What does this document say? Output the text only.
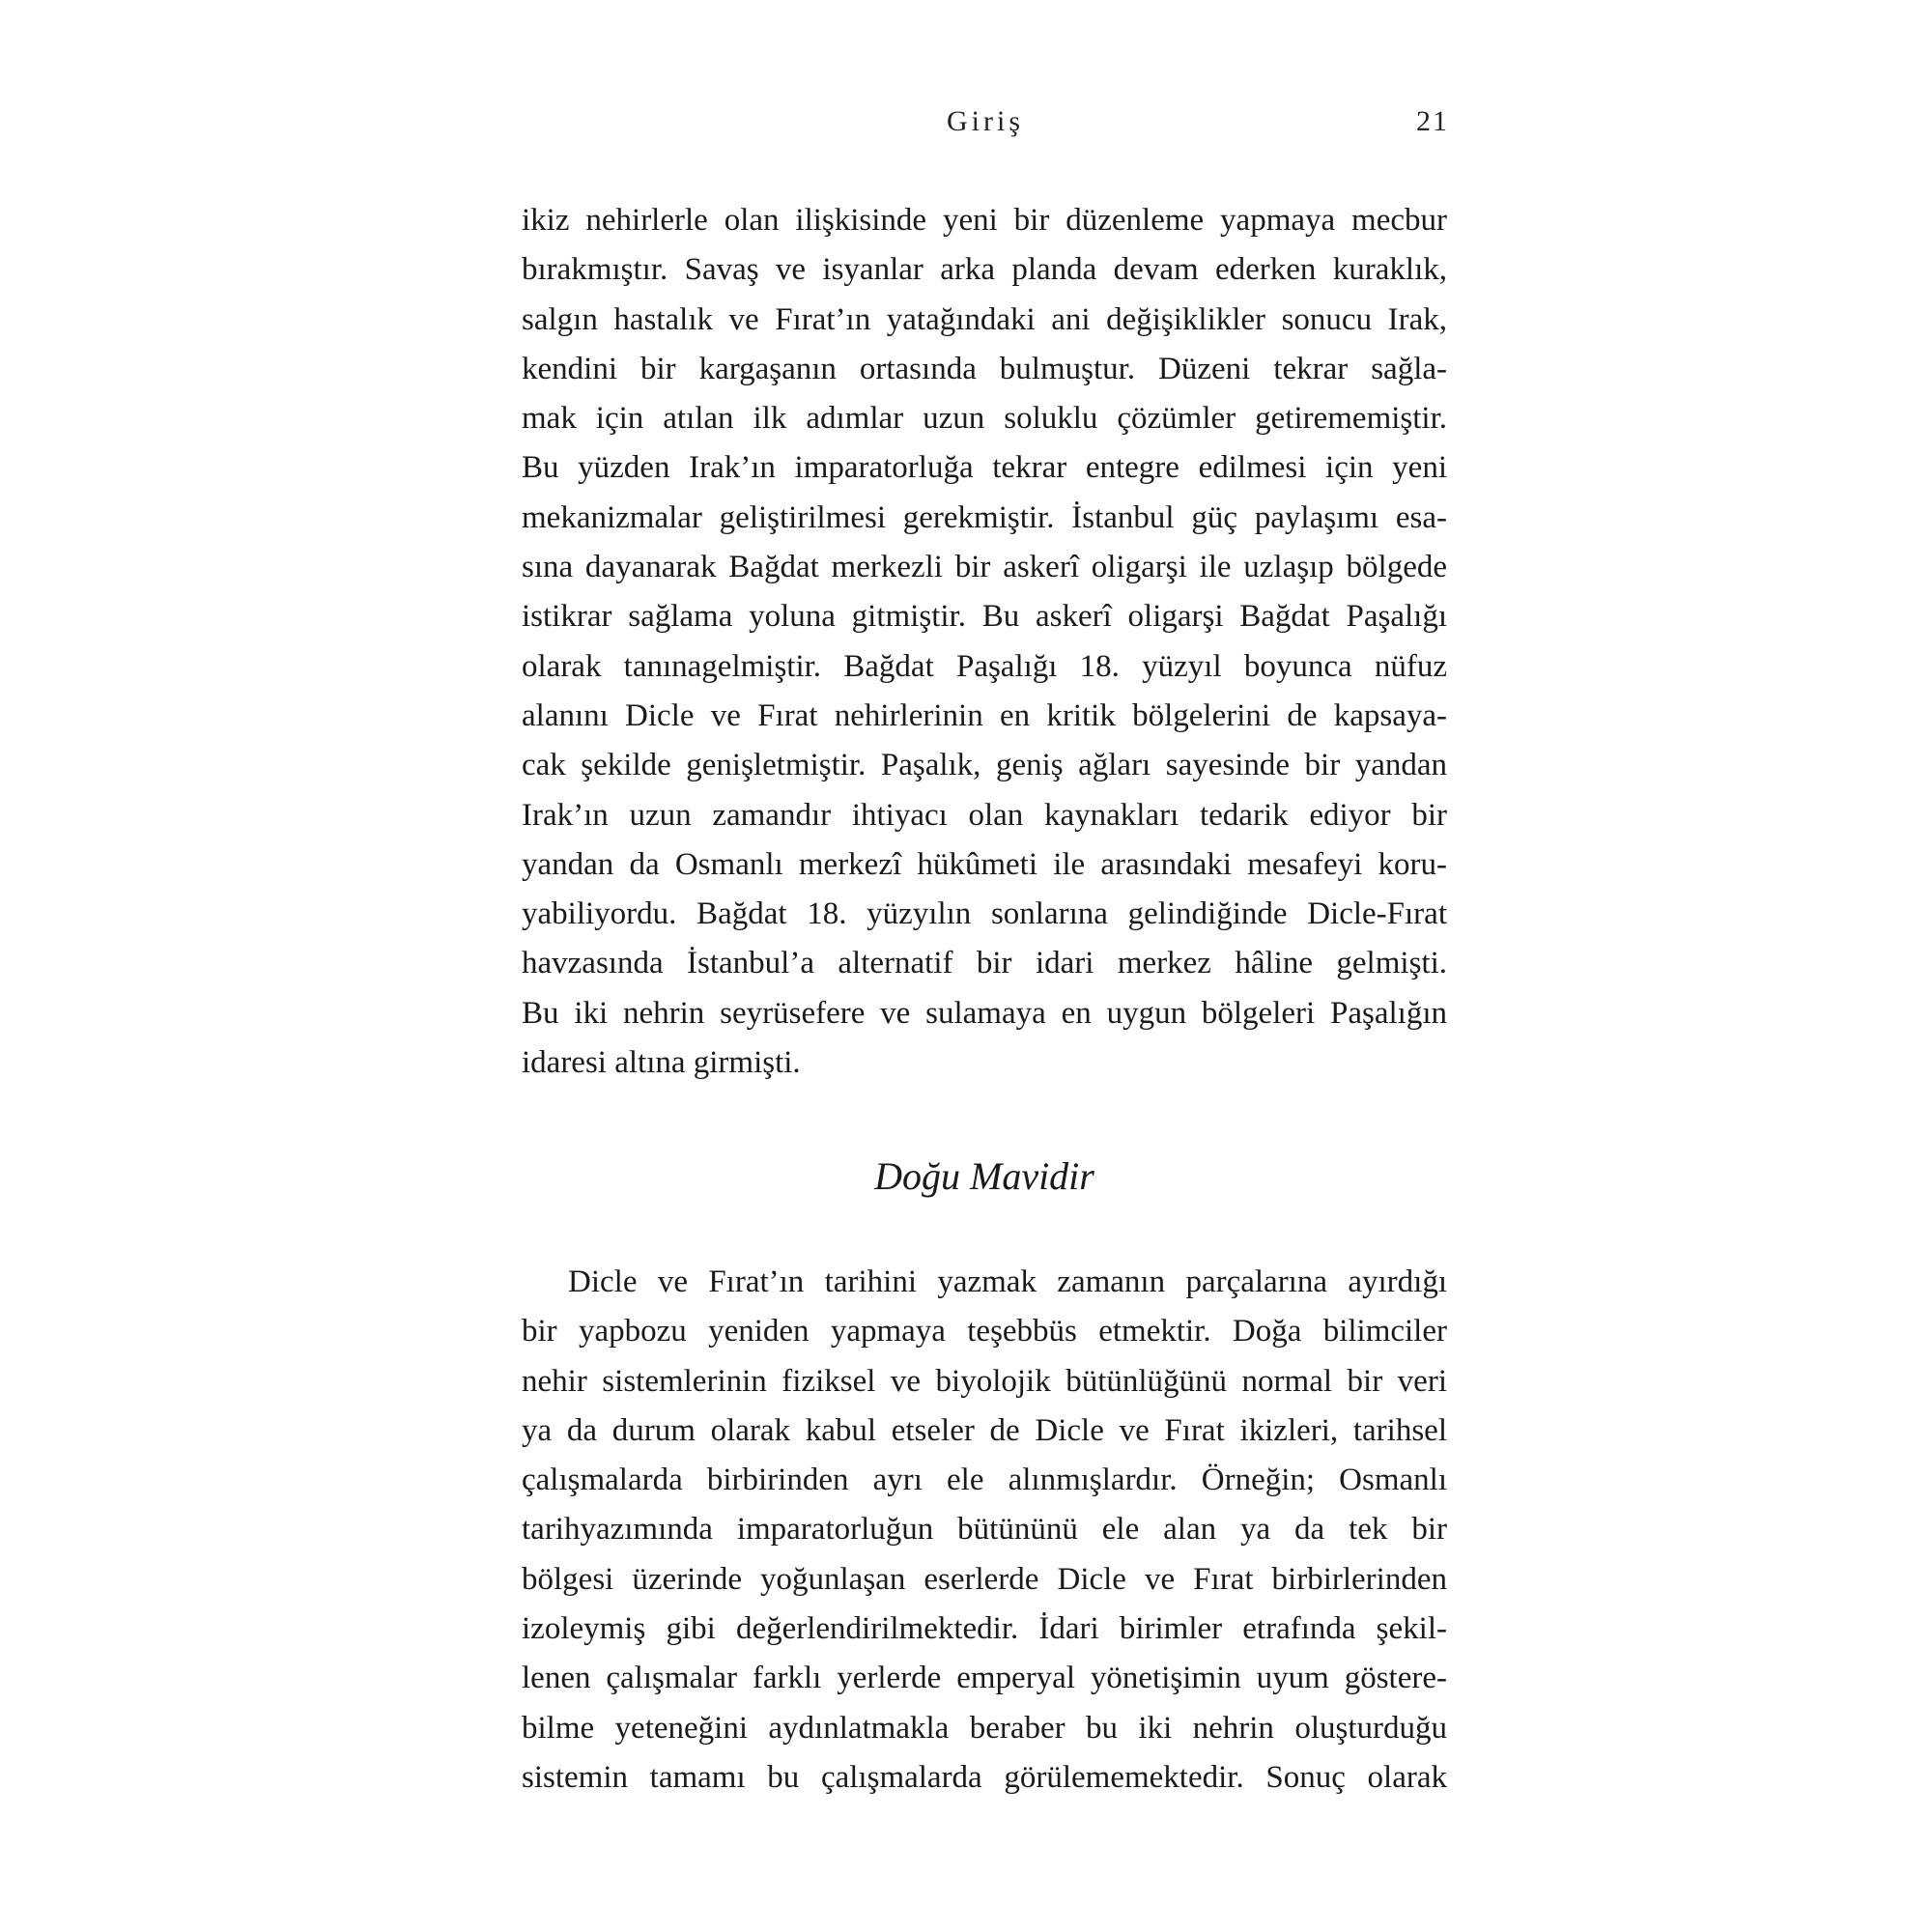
Giriş	21
ikiz nehirlerle olan ilişkisinde yeni bir düzenleme yapmaya mecbur
bırakmıştır. Savaş ve isyanlar arka planda devam ederken kuraklık,
salgın hastalık ve Fırat’ın yatağındaki ani değişiklikler sonucu Irak,
kendini bir kargaşanın ortasında bulmuştur. Düzeni tekrar sağla-
mak için atılan ilk adımlar uzun soluklu çözümler getirememiştir.
Bu yüzden Irak’ın imparatorluğa tekrar entegre edilmesi için yeni
mekanizmalar geliştirilmesi gerekmiştir. İstanbul güç paylaşımı esa-
sına dayanarak Bağdat merkezli bir askerî oligarşi ile uzlaşıp bölgede
istikrar sağlama yoluna gitmiştir. Bu askerî oligarşi Bağdat Paşalığı
olarak tanınagelmiştir. Bağdat Paşalığı 18. yüzyıl boyunca nüfuz
alanını Dicle ve Fırat nehirlerinin en kritik bölgelerini de kapsaya-
cak şekilde genişletmiştir. Paşalık, geniş ağları sayesinde bir yandan
Irak’ın uzun zamandır ihtiyacı olan kaynakları tedarik ediyor bir
yandan da Osmanlı merkezî hükûmeti ile arasındaki mesafeyi koru-
yabiliyordu. Bağdat 18. yüzyılın sonlarına gelindiğinde Dicle-Fırat
havzasında İstanbul’a alternatif bir idari merkez hâline gelmişti.
Bu iki nehrin seyrüsefere ve sulamaya en uygun bölgeleri Paşalığın
idaresi altına girmişti.
Doğu Mavidir
Dicle ve Fırat’ın tarihini yazmak zamanın parçalarına ayırdığı
bir yapbozu yeniden yapmaya teşebbüs etmektir. Doğa bilimciler
nehir sistemlerinin fiziksel ve biyolojik bütünlüğünü normal bir veri
ya da durum olarak kabul etseler de Dicle ve Fırat ikizleri, tarihsel
çalışmalarda birbirinden ayrı ele alınmışlardır. Örneğin; Osmanlı
tarihyazımında imparatorluğun bütününü ele alan ya da tek bir
bölgesi üzerinde yoğunlaşan eserlerde Dicle ve Fırat birbirlerinden
izoleymiş gibi değerlendirilmektedir. İdari birimler etrafında şekil-
lenen çalışmalar farklı yerlerde emperyal yönetişimin uyum göstere-
bilme yeteneğini aydınlatmakla beraber bu iki nehrin oluşturduğu
sistemin tamamı bu çalışmalarda görülememektedir. Sonuç olarak
